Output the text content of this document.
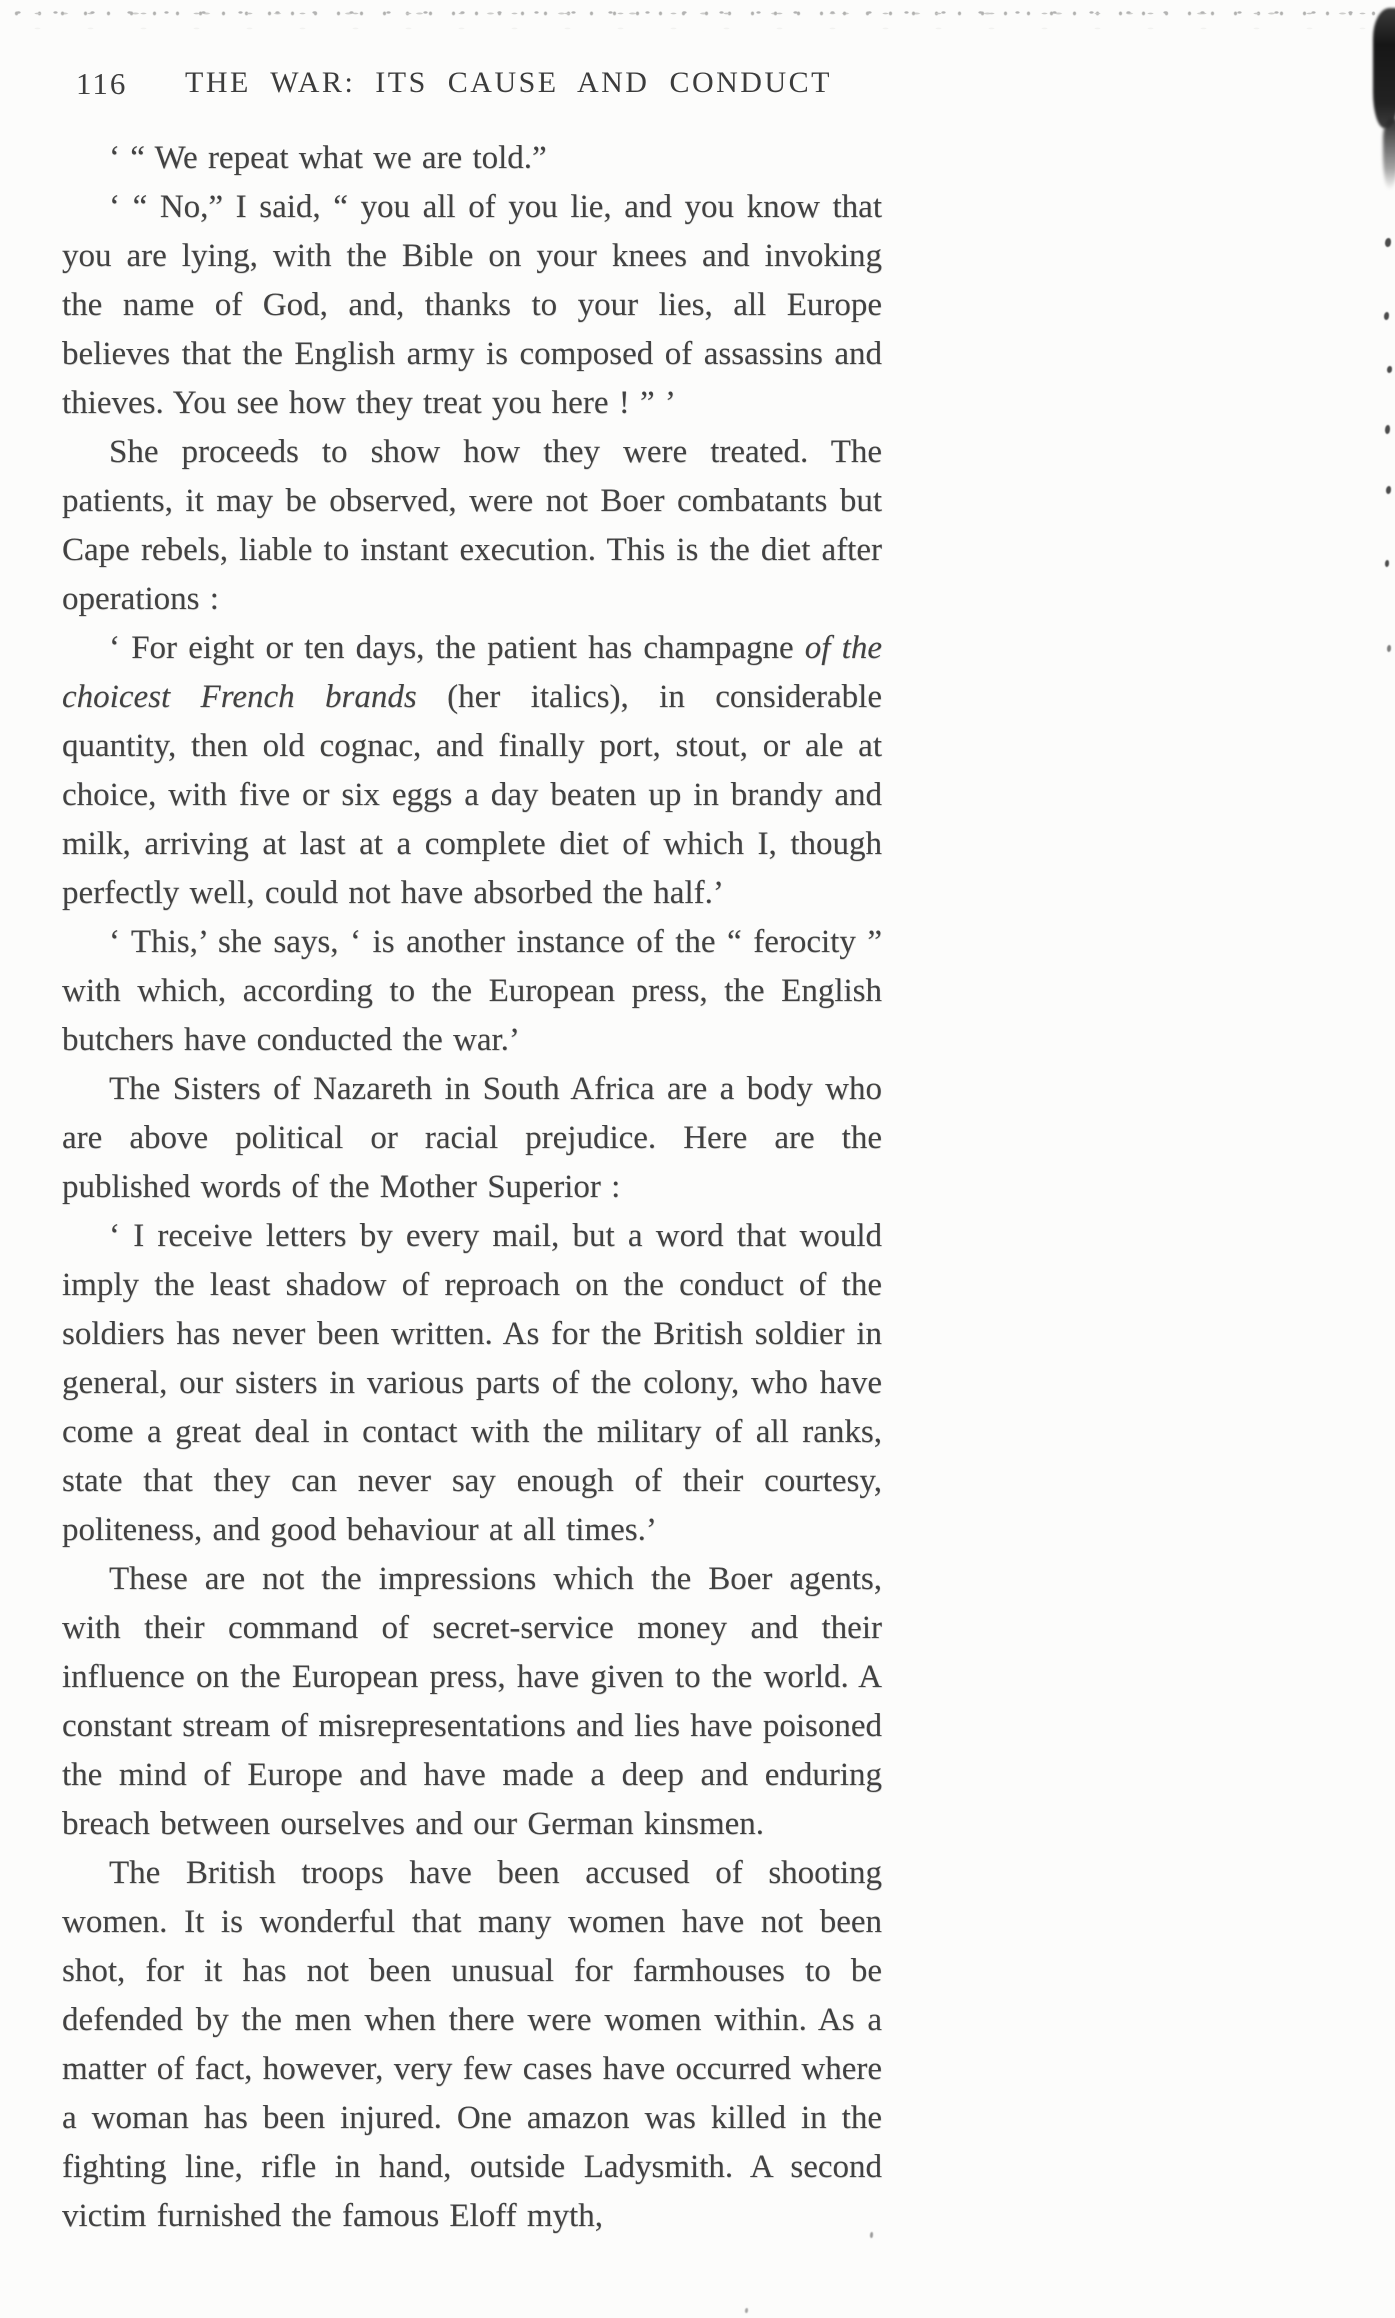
116 THE WAR: ITS CAUSE AND CONDUCT

‘ “ We repeat what we are told.”

‘ “ No,” I said, “ you all of you lie, and you know that you are lying, with the Bible on your knees and invoking the name of God, and, thanks to your lies, all Europe believes that the English army is composed of assassins and thieves. You see how they treat you here ! ” ’

She proceeds to show how they were treated. The patients, it may be observed, were not Boer combatants but Cape rebels, liable to instant execution. This is the diet after operations :

‘ For eight or ten days, the patient has champagne of the choicest French brands (her italics), in considerable quantity, then old cognac, and finally port, stout, or ale at choice, with five or six eggs a day beaten up in brandy and milk, arriving at last at a complete diet of which I, though perfectly well, could not have absorbed the half.’

‘ This,’ she says, ‘ is another instance of the “ ferocity ” with which, according to the European press, the English butchers have conducted the war.’

The Sisters of Nazareth in South Africa are a body who are above political or racial prejudice. Here are the published words of the Mother Superior :

‘ I receive letters by every mail, but a word that would imply the least shadow of reproach on the conduct of the soldiers has never been written. As for the British soldier in general, our sisters in various parts of the colony, who have come a great deal in contact with the military of all ranks, state that they can never say enough of their courtesy, politeness, and good behaviour at all times.’

These are not the impressions which the Boer agents, with their command of secret-service money and their influence on the European press, have given to the world. A constant stream of misrepresentations and lies have poisoned the mind of Europe and have made a deep and enduring breach between ourselves and our German kinsmen.

The British troops have been accused of shooting women. It is wonderful that many women have not been shot, for it has not been unusual for farmhouses to be defended by the men when there were women within. As a matter of fact, however, very few cases have occurred where a woman has been injured. One amazon was killed in the fighting line, rifle in hand, outside Ladysmith. A second victim furnished the famous Eloff myth,
